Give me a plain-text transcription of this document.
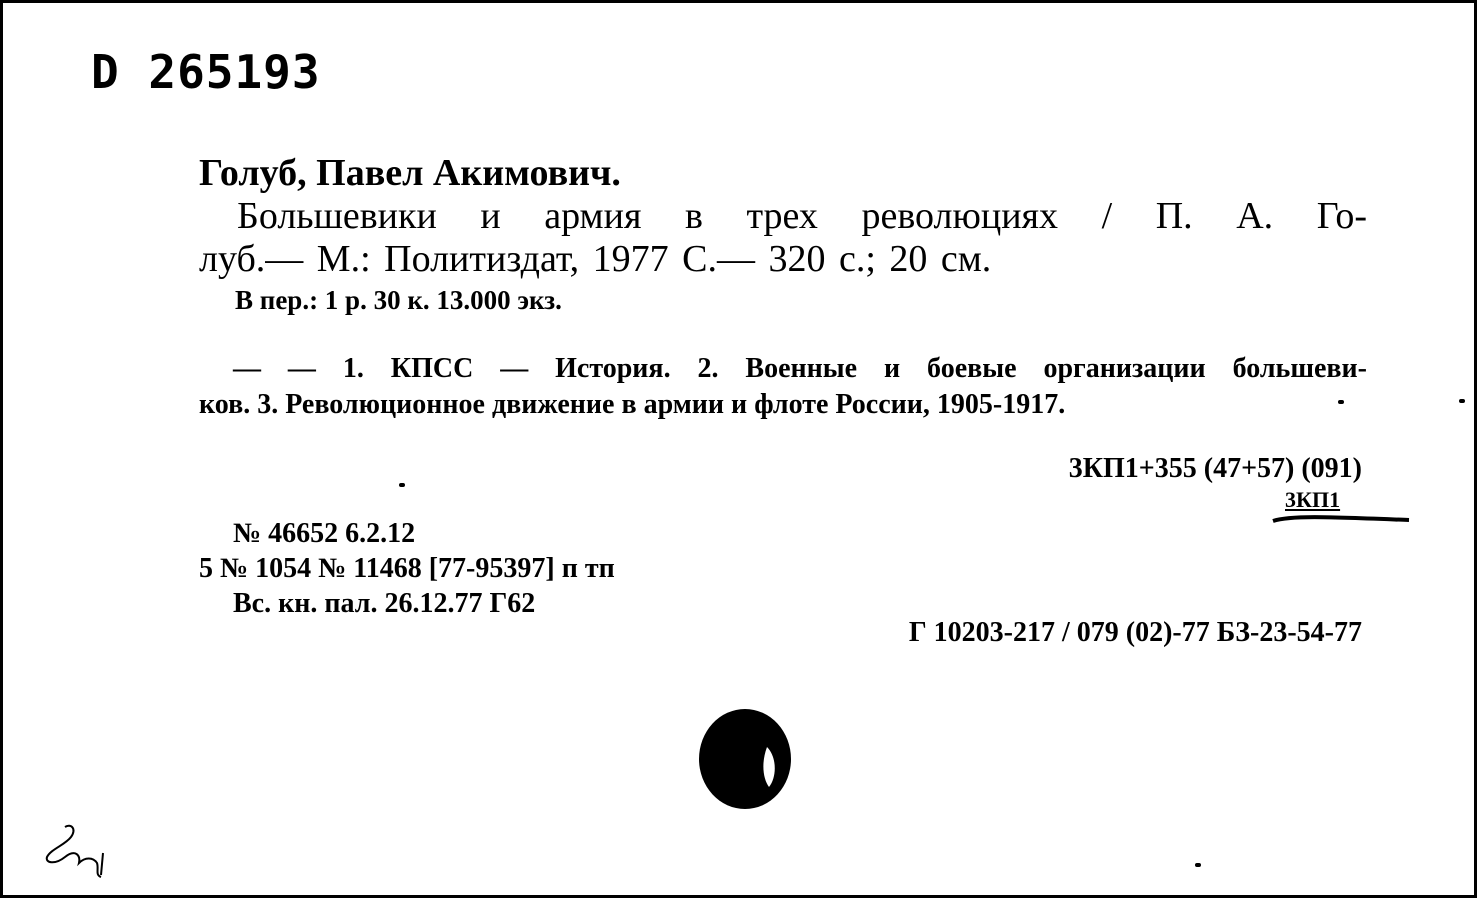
D 265193
Голуб, Павел Акимович.
Большевики и армия в трех революциях / П. А. Го-
луб.— М.: Политиздат, 1977 С.— 320 с.; 20 см.
В пер.: 1 р. 30 к. 13.000 экз.
— — 1. КПСС — История. 2. Военные и боевые организации большеви-
ков. 3. Революционное движение в армии и флоте России, 1905-1917.
3КП1+355 (47+57) (091)
3КП1
№ 46652 6.2.12
5 № 1054 № 11468 [77-95397] п тп
Вс. кн. пал. 26.12.77 Г62
Г 10203-217 / 079 (02)-77 БЗ-23-54-77
